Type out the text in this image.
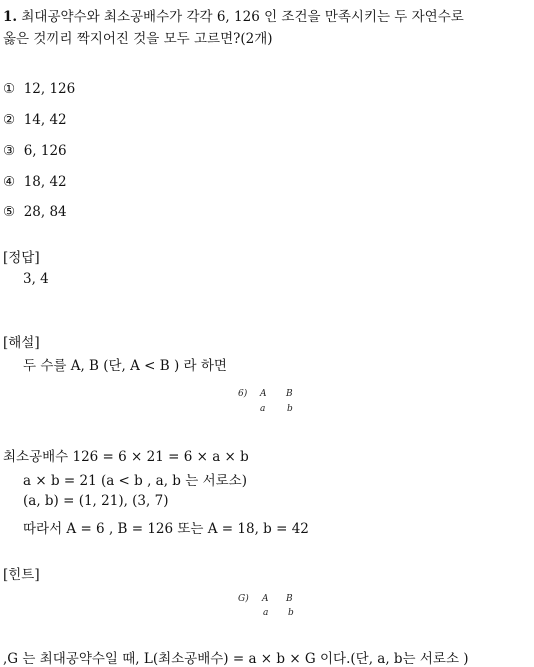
1. 최대공약수와 최소공배수가 각각 6, 126 인 조건을 만족시키는 두 자연수로
옳은 것끼리 짝지어진 것을 모두 고르면?(2개)
① 12, 126
② 14, 42
③ 6, 126
④ 18, 42
⑤ 28, 84
[정답]
3, 4
[해설]
두 수를 A, B (단, A < B ) 라 하면
6) A B
a b
최소공배수 126 = 6 × 21 = 6 × a × b
a × b = 21 (a < b , a, b 는 서로소)
(a, b) = (1, 21), (3, 7)
따라서 A = 6 , B = 126 또는 A = 18, b = 42
[힌트]
G) A B
a b
,G 는 최대공약수일 때, L(최소공배수) = a × b × G 이다.(단, a, b는 서로소 )
